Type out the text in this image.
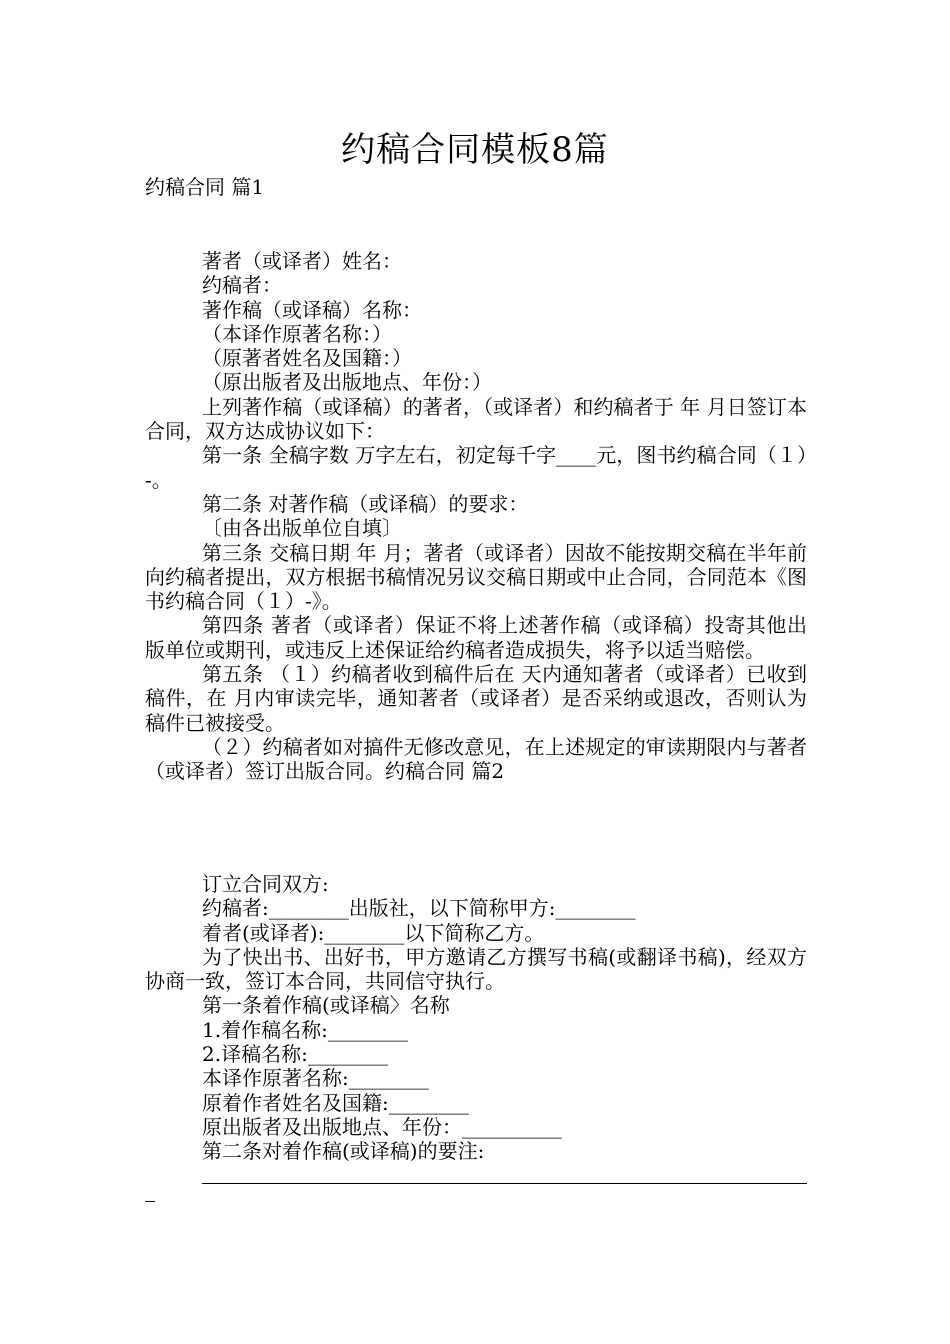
约稿合同模板8篇
约稿合同 篇1

著者（或译者）姓名：

约稿者：

著作稿（或译稿）名称：

（本译作原著名称：）

（原著者姓名及国籍：）

（原出版者及出版地点、年份：）

上列著作稿（或译稿）的著者，（或译者）和约稿者于 年 月日签订本合同，双方达成协议如下：

第一条 全稿字数 万字左右，初定每千字____元，图书约稿合同（１）-。

第二条 对著作稿（或译稿）的要求：

〔由各出版单位自填〕

第三条 交稿日期 年 月；著者（或译者）因故不能按期交稿在半年前向约稿者提出，双方根据书稿情况另议交稿日期或中止合同，合同范本《图书约稿合同（１）-》。

第四条 著者（或译者）保证不将上述著作稿（或译稿）投寄其他出版单位或期刊，或违反上述保证给约稿者造成损失，将予以适当赔偿。

第五条 （１）约稿者收到稿件后在 天内通知著者（或译者）已收到稿件，在 月内审读完毕，通知著者（或译者）是否采纳或退改，否则认为稿件已被接受。

（２）约稿者如对搞件无修改意见，在上述规定的审读期限内与著者（或译者）签订出版合同。约稿合同 篇2

订立合同双方:

约稿者:________出版社，以下简称甲方:________

着者(或译者):________以下简称乙方。

为了快出书、出好书，甲方邀请乙方撰写书稿(或翻译书稿)，经双方协商一致，签订本合同，共同信守执行。

第一条着作稿(或译稿〉名称

1.着作稿名称:________

2.译稿名称:________

本译作原著名称:________

原着作者姓名及国籍:________

原出版者及出版地点、年份：__________

第二条对着作稿(或译稿)的要注:
